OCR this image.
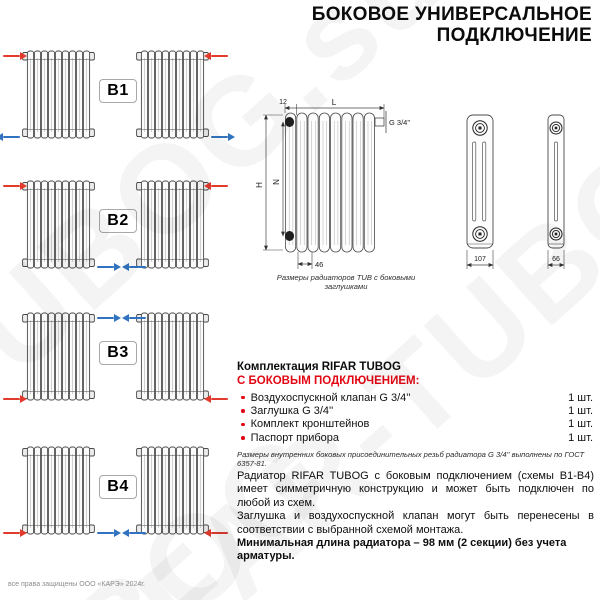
БОКОВОЕ УНИВЕРСАЛЬНОЕ
ПОДКЛЮЧЕНИЕ
B1
B2
B3
B4
G 3/4''
H
N
12	L
46
Размеры радиаторов TUB с боковыми заглушками
107	66
Комплектация RIFAR TUBOG
С БОКОВЫМ ПОДКЛЮЧЕНИЕМ:
Воздухоспускной клапан G 3/4''	1 шт.
Заглушка G 3/4''	1 шт.
Комплект кронштейнов	1 шт.
Паспорт прибора	1 шт.
Размеры внутренних боковых присоединительных резьб радиатора G 3/4'' выполнены по ГОСТ 6357-81.

Радиатор RIFAR TUBOG с боковым подключением (схемы B1-B4) имеет симметричную конструкцию и может быть подключен по любой из схем.

Заглушка и воздухоспускной клапан могут быть перенесены в соответствии с выбранной схемой монтажа.

Минимальная длина радиатора – 98 мм (2 секции) без учета арматуры.

все права защищены ООО «КАРЭ» 2024г.
